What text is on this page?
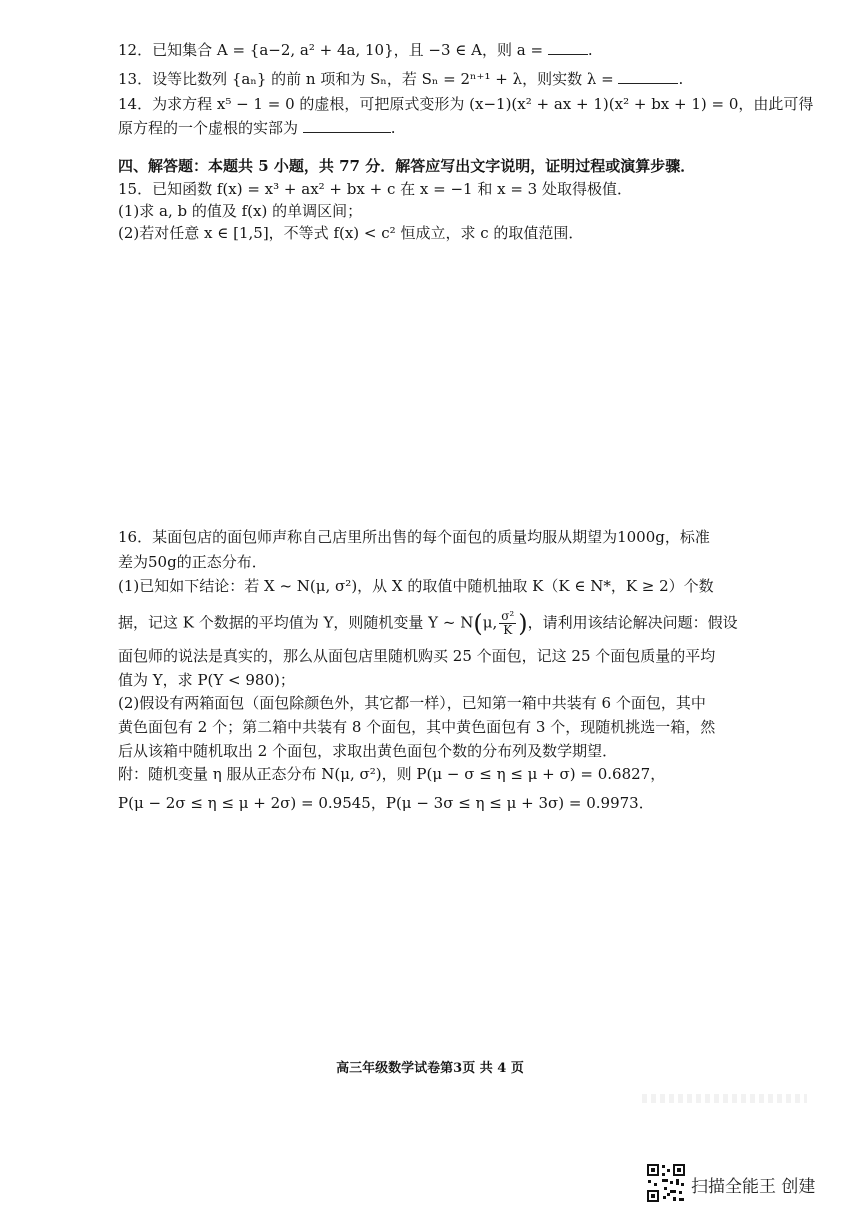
12．已知集合 A = {a−2, a² + 4a, 10}，且 −3 ∈ A，则 a =	.
13．设等比数列 {aₙ} 的前 n 项和为 Sₙ，若 Sₙ = 2ⁿ⁺¹ + λ，则实数 λ =	.
14．为求方程 x⁵ − 1 = 0 的虚根，可把原式变形为 (x−1)(x² + ax + 1)(x² + bx + 1) = 0，由此可得
原方程的一个虚根的实部为	.
四、解答题：本题共 5 小题，共 77 分．解答应写出文字说明，证明过程或演算步骤．
15．已知函数 f(x) = x³ + ax² + bx + c 在 x = −1 和 x = 3 处取得极值．
(1)求 a, b 的值及 f(x) 的单调区间；
(2)若对任意 x ∈ [1,5]，不等式 f(x) < c² 恒成立，求 c 的取值范围．
16．某面包店的面包师声称自己店里所出售的每个面包的质量均服从期望为1000g，标准
差为50g的正态分布．
(1)已知如下结论：若 X ~ N(μ, σ²)，从 X 的取值中随机抽取 K（K ∈ N*，K ≥ 2）个数
据，记这 K 个数据的平均值为 Y，则随机变量 Y ~ N(μ, $\frac{\text{σ²}}{K}$ )，请利用该结论解决问题：假设
面包师的说法是真实的，那么从面包店里随机购买 25 个面包，记这 25 个面包质量的平均
值为 Y，求 P(Y < 980)；
(2)假设有两箱面包（面包除颜色外，其它都一样），已知第一箱中共装有 6 个面包，其中
黄色面包有 2 个；第二箱中共装有 8 个面包，其中黄色面包有 3 个，现随机挑选一箱，然
后从该箱中随机取出 2 个面包，求取出黄色面包个数的分布列及数学期望．
附：随机变量 η 服从正态分布 N(μ, σ²)，则 P(μ − σ ≤ η ≤ μ + σ) = 0.6827，
P(μ − 2σ ≤ η ≤ μ + 2σ) = 0.9545，P(μ − 3σ ≤ η ≤ μ + 3σ) = 0.9973．
高三年级数学试卷第3页 共 4 页
扫描全能王 创建
